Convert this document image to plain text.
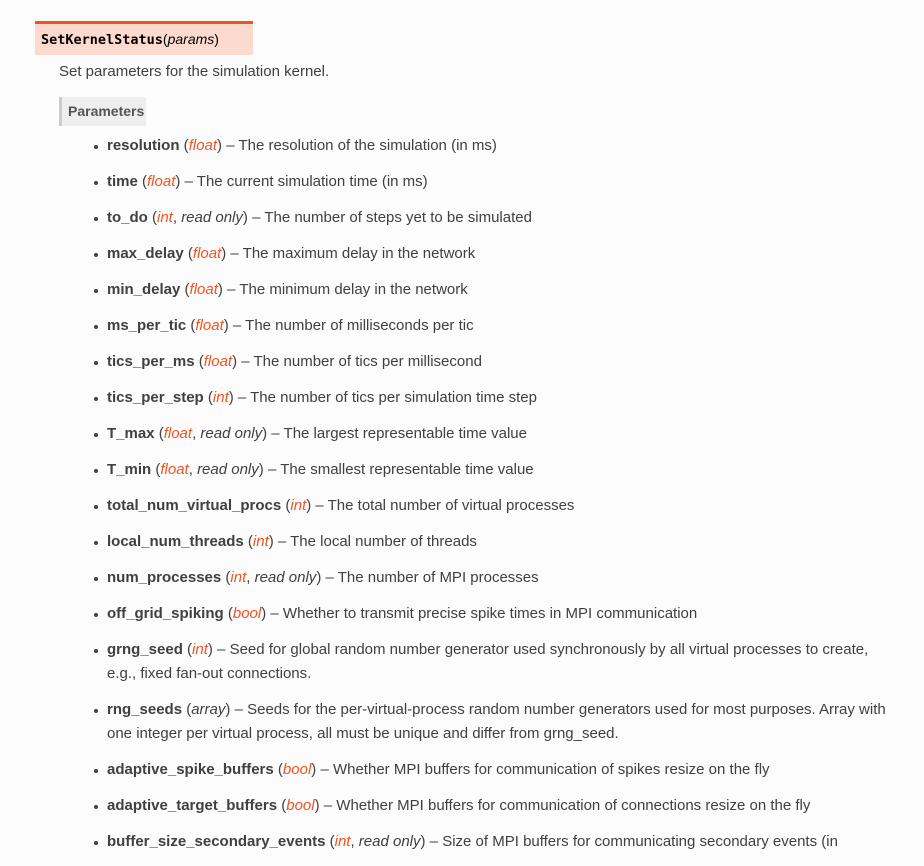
SetKernelStatus(params)
Set parameters for the simulation kernel.
Parameters
resolution (float) – The resolution of the simulation (in ms)
time (float) – The current simulation time (in ms)
to_do (int, read only) – The number of steps yet to be simulated
max_delay (float) – The maximum delay in the network
min_delay (float) – The minimum delay in the network
ms_per_tic (float) – The number of milliseconds per tic
tics_per_ms (float) – The number of tics per millisecond
tics_per_step (int) – The number of tics per simulation time step
T_max (float, read only) – The largest representable time value
T_min (float, read only) – The smallest representable time value
total_num_virtual_procs (int) – The total number of virtual processes
local_num_threads (int) – The local number of threads
num_processes (int, read only) – The number of MPI processes
off_grid_spiking (bool) – Whether to transmit precise spike times in MPI communication
grng_seed (int) – Seed for global random number generator used synchronously by all virtual processes to create, e.g., fixed fan-out connections.
rng_seeds (array) – Seeds for the per-virtual-process random number generators used for most purposes. Array with one integer per virtual process, all must be unique and differ from grng_seed.
adaptive_spike_buffers (bool) – Whether MPI buffers for communication of spikes resize on the fly
adaptive_target_buffers (bool) – Whether MPI buffers for communication of connections resize on the fly
buffer_size_secondary_events (int, read only) – Size of MPI buffers for communicating secondary events (in
